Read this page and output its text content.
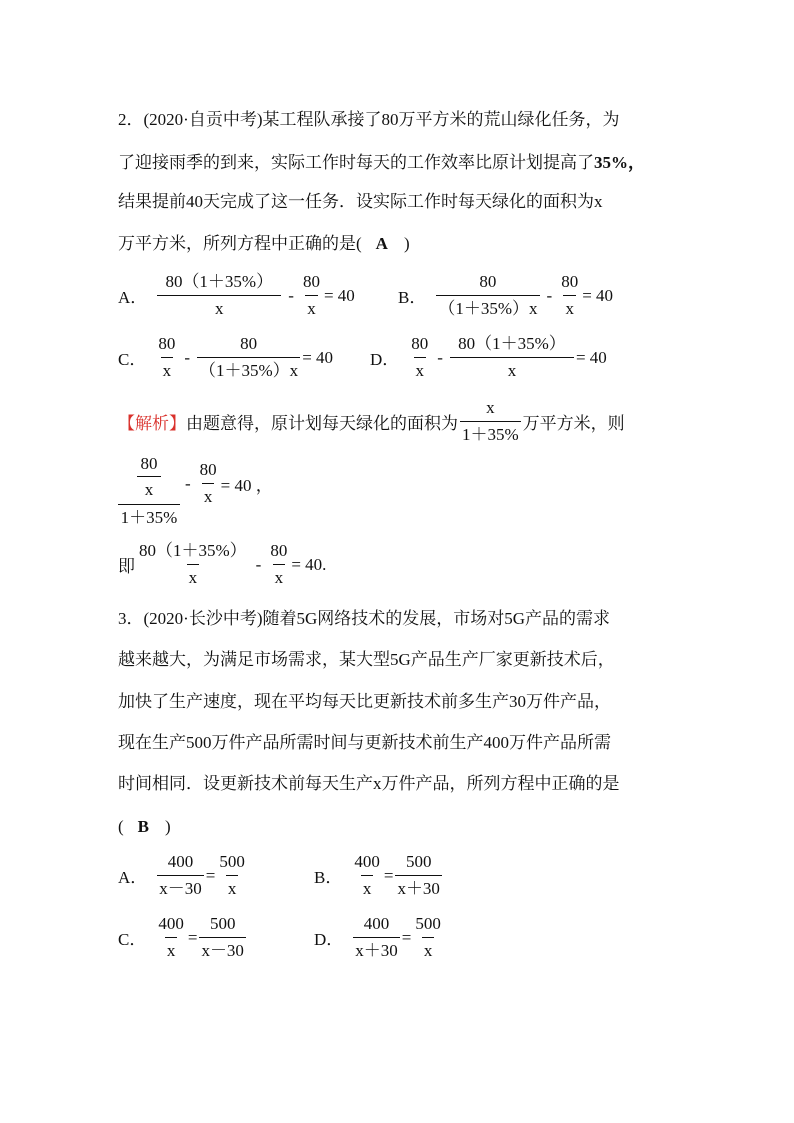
2．(2020·自贡中考)某工程队承接了80万平方米的荒山绿化任务，为
了迎接雨季的到来，实际工作时每天的工作效率比原计划提高了35%，
结果提前40天完成了这一任务．设实际工作时每天绿化的面积为x
万平方米，所列方程中正确的是( A )
A． $\frac{80(1+35\%)}{x} - \frac{80}{x} = 40$	B． $\frac{80}{(1+35\%)x} - \frac{80}{x} = 40$
C． $\frac{80}{x} - \frac{80}{(1+35\%)x} = 40$ D． $\frac{80}{x} - \frac{80(1+35\%)}{x} = 40$
【解析】 由题意得，原计划每天绿化的面积为 $\frac{x}{1+35\%}$ 万平方米，则
$\frac{80}{x}$
1＋35%
- $\frac{80}{x} = 40$ ，
即 $\frac{80(1+35\%)}{x} - \frac{80}{x} = 40$.
3．(2020·长沙中考)随着5G网络技术的发展，市场对5G产品的需求
越来越大，为满足市场需求，某大型5G产品生产厂家更新技术后，
加快了生产速度，现在平均每天比更新技术前多生产30万件产品，
现在生产500万件产品所需时间与更新技术前生产400万件产品所需
时间相同．设更新技术前每天生产x万件产品，所列方程中正确的是
( B )
A． $\frac{400}{x-30} = \frac{500}{x}$	B． $\frac{400}{x} = \frac{500}{x+30}$
C． $\frac{400}{x} = \frac{500}{x-30}$	D． $\frac{400}{x+30} = \frac{500}{x}$
